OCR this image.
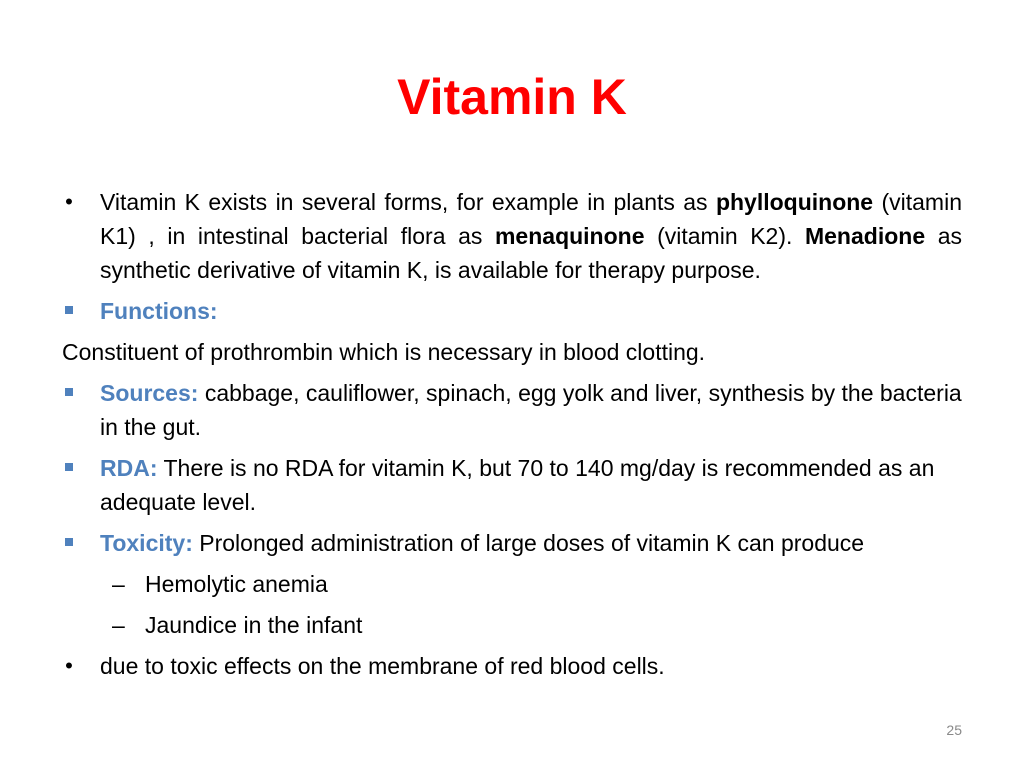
Vitamin K
• Vitamin K exists in several forms, for example in plants as phylloquinone (vitamin K1) , in intestinal bacterial flora as menaquinone (vitamin K2). Menadione as synthetic derivative of vitamin K, is available for therapy purpose.
Functions:
Constituent of prothrombin which is necessary in blood clotting.
Sources: cabbage, cauliflower, spinach, egg yolk and liver, synthesis by the bacteria in the gut.
RDA: There is no RDA for vitamin K, but 70 to 140 mg/day is recommended as an adequate level.
Toxicity: Prolonged administration of large doses of vitamin K can produce
– Hemolytic anemia
– Jaundice in the infant
• due to toxic effects on the membrane of red blood cells.
25
